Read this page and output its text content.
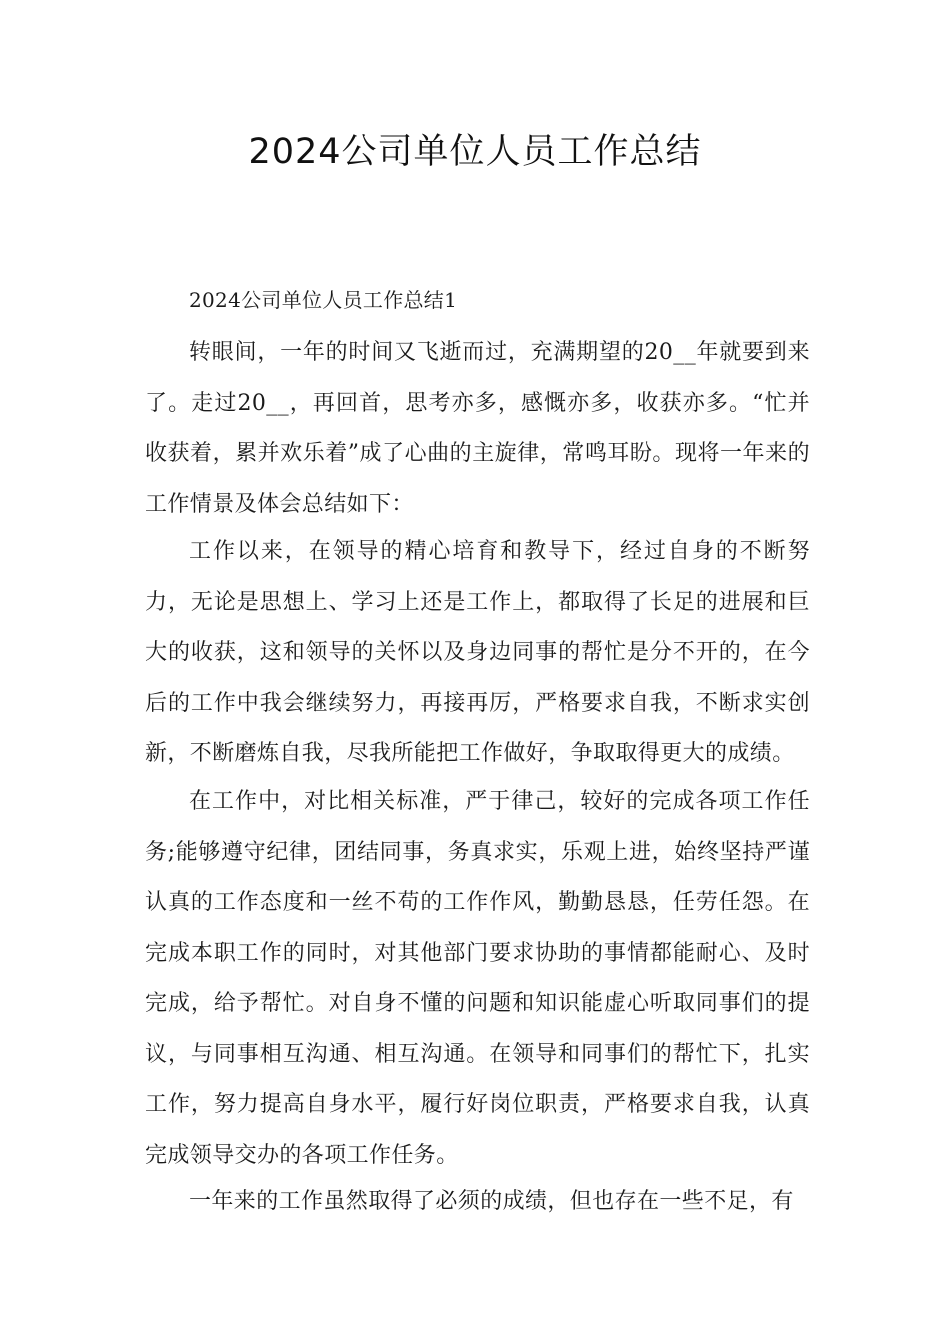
2024公司单位人员工作总结

2024公司单位人员工作总结1

转眼间，一年的时间又飞逝而过，充满期望的20__年就要到来了。走过20__，再回首，思考亦多，感慨亦多，收获亦多。“忙并收获着，累并欢乐着”成了心曲的主旋律，常鸣耳盼。现将一年来的工作情景及体会总结如下：

工作以来，在领导的精心培育和教导下，经过自身的不断努力，无论是思想上、学习上还是工作上，都取得了长足的进展和巨大的收获，这和领导的关怀以及身边同事的帮忙是分不开的，在今后的工作中我会继续努力，再接再厉，严格要求自我，不断求实创新，不断磨炼自我，尽我所能把工作做好，争取取得更大的成绩。

在工作中，对比相关标准，严于律己，较好的完成各项工作任务;能够遵守纪律，团结同事，务真求实，乐观上进，始终坚持严谨认真的工作态度和一丝不苟的工作作风，勤勤恳恳，任劳任怨。在完成本职工作的同时，对其他部门要求协助的事情都能耐心、及时完成，给予帮忙。对自身不懂的问题和知识能虚心听取同事们的提议，与同事相互沟通、相互沟通。在领导和同事们的帮忙下，扎实工作，努力提高自身水平，履行好岗位职责，严格要求自我，认真完成领导交办的各项工作任务。

一年来的工作虽然取得了必须的成绩，但也存在一些不足，有
